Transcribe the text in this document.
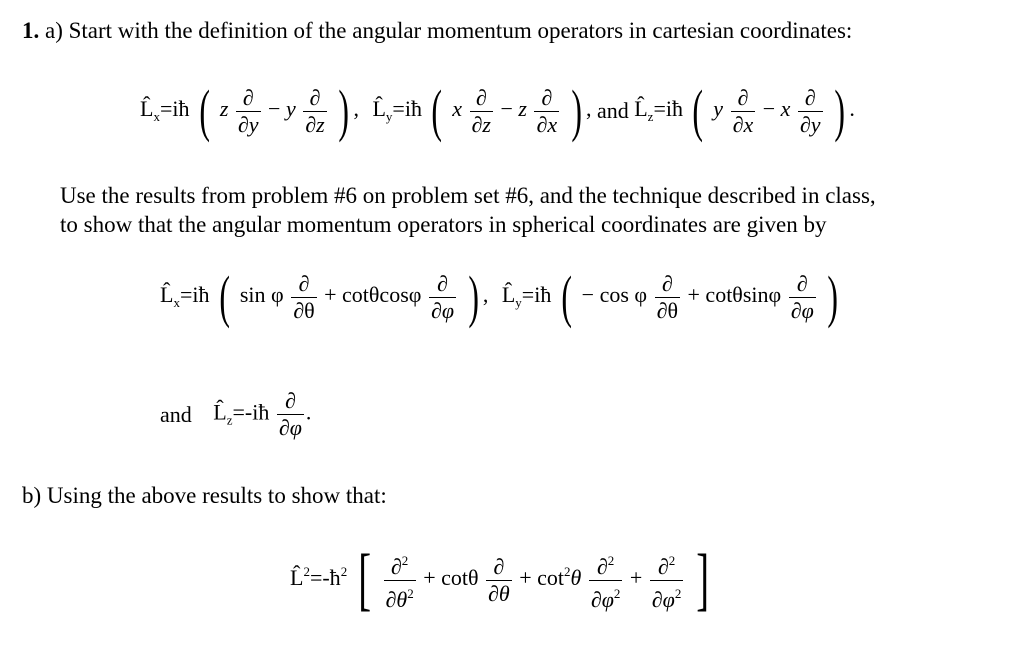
1. a) Start with the definition of the angular momentum operators in cartesian coordinates:
$L̂_x=iħ$ ( z $\frac{\partial}{\partial y} - y \frac{\partial}{\partial z}$ ) , $L̂_y=iħ$ ( x $\frac{\partial}{\partial z} - z \frac{\partial}{\partial x}$ ) , and $L̂_z=iħ$ ( y $\frac{\partial}{\partial x} - x \frac{\partial}{\partial y}$ ) .
Use the results from problem #6 on problem set #6, and the technique described in class,
to show that the angular momentum operators in spherical coordinates are given by
$L̂_x=iħ$ ( sin φ $\frac{\partial}{\partial\theta} + \cot\theta\cos\varphi \frac{\partial}{\partial\varphi}$ ) , $L̂_y=iħ$ ( − cos φ $\frac{\partial}{\partial\theta} + \cot\theta\sin\varphi \frac{\partial}{\partial\varphi}$ )
and $L̂_z=-iħ \frac{\partial}{\partial\varphi}$ .
b) Using the above results to show that:
$L̂^2=-ħ^2$ [ $\frac{\partial^2}{\partial\theta^2} + \cot\theta \frac{\partial}{\partial\theta} + \cot^2\theta \frac{\partial^2}{\partial\varphi^2} + \frac{\partial^2}{\partial\varphi^2}$ ]
